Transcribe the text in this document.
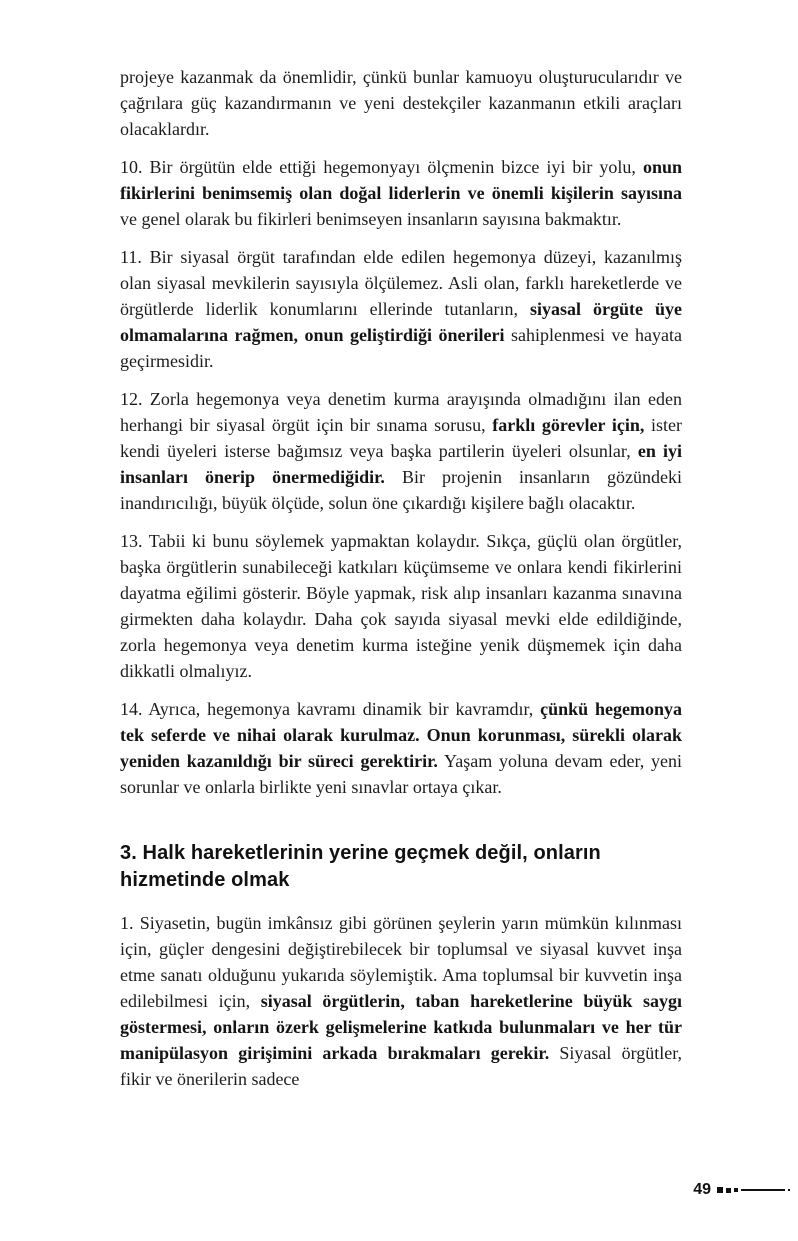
projeye kazanmak da önemlidir, çünkü bunlar kamuoyu oluşturucularıdır ve çağrılara güç kazandırmanın ve yeni destekçiler kazanmanın etkili araçları olacaklardır.

10. Bir örgütün elde ettiği hegemonyayı ölçmenin bizce iyi bir yolu, onun fikirlerini benimsemiş olan doğal liderlerin ve önemli kişilerin sayısına ve genel olarak bu fikirleri benimseyen insanların sayısına bakmaktır.

11. Bir siyasal örgüt tarafından elde edilen hegemonya düzeyi, kazanılmış olan siyasal mevkilerin sayısıyla ölçülemez. Asli olan, farklı hareketlerde ve örgütlerde liderlik konumlarını ellerinde tutanların, siyasal örgüte üye olmamalarına rağmen, onun geliştirdiği önerileri sahiplenmesi ve hayata geçirmesidir.

12. Zorla hegemonya veya denetim kurma arayışında olmadığını ilan eden herhangi bir siyasal örgüt için bir sınama sorusu, farklı görevler için, ister kendi üyeleri isterse bağımsız veya başka partilerin üyeleri olsunlar, en iyi insanları önerip önermediğidir. Bir projenin insanların gözündeki inandırıcılığı, büyük ölçüde, solun öne çıkardığı kişilere bağlı olacaktır.

13. Tabii ki bunu söylemek yapmaktan kolaydır. Sıkça, güçlü olan örgütler, başka örgütlerin sunabileceği katkıları küçümseme ve onlara kendi fikirlerini dayatma eğilimi gösterir. Böyle yapmak, risk alıp insanları kazanma sınavına girmekten daha kolaydır. Daha çok sayıda siyasal mevki elde edildiğinde, zorla hegemonya veya denetim kurma isteğine yenik düşmemek için daha dikkatli olmalıyız.

14. Ayrıca, hegemonya kavramı dinamik bir kavramdır, çünkü hegemonya tek seferde ve nihai olarak kurulmaz. Onun korunması, sürekli olarak yeniden kazanıldığı bir süreci gerektirir. Yaşam yoluna devam eder, yeni sorunlar ve onlarla birlikte yeni sınavlar ortaya çıkar.

3. Halk hareketlerinin yerine geçmek değil, onların hizmetinde olmak

1. Siyasetin, bugün imkânsız gibi görünen şeylerin yarın mümkün kılınması için, güçler dengesini değiştirebilecek bir toplumsal ve siyasal kuvvet inşa etme sanatı olduğunu yukarıda söylemiştik. Ama toplumsal bir kuvvetin inşa edilebilmesi için, siyasal örgütlerin, taban hareketlerine büyük saygı göstermesi, onların özerk gelişmelerine katkıda bulunmaları ve her tür manipülasyon girişimini arkada bırakmaları gerekir. Siyasal örgütler, fikir ve önerilerin sadece

49
